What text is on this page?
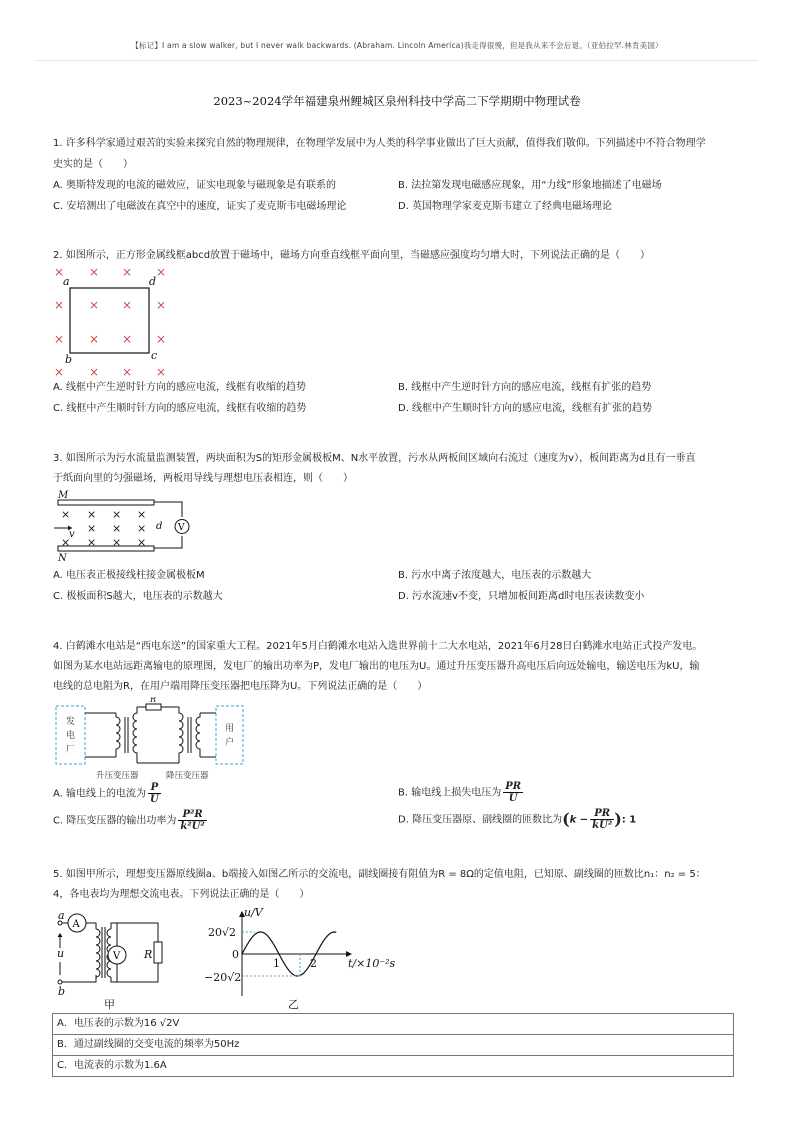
【标记】I am a slow walker, but I never walk backwards. (Abraham. Lincoln America)我走得很慢，但是我从来不会后退。（亚伯拉罕.林肯美国）
2023~2024学年福建泉州鲤城区泉州科技中学高二下学期期中物理试卷
1. 许多科学家通过艰苦的实验来探究自然的物理规律，在物理学发展中为人类的科学事业做出了巨大贡献，值得我们敬仰。下列描述中不符合物理学
史实的是（　　）
A. 奥斯特发现的电流的磁效应，证实电现象与磁现象是有联系的	B. 法拉第发现电磁感应现象，用“力线”形象地描述了电磁场
C. 安培测出了电磁波在真空中的速度，证实了麦克斯韦电磁场理论	D. 英国物理学家麦克斯韦建立了经典电磁场理论
2. 如图所示，正方形金属线框abcd放置于磁场中，磁场方向垂直线框平面向里，当磁感应强度均匀增大时，下列说法正确的是（　　）
× × × ×
× × × ×
× × × ×
× × × ×
a	d
b	c
A. 线框中产生逆时针方向的感应电流，线框有收缩的趋势	B. 线框中产生逆时针方向的感应电流，线框有扩张的趋势
C. 线框中产生顺时针方向的感应电流，线框有收缩的趋势	D. 线框中产生顺时针方向的感应电流，线框有扩张的趋势
3. 如图所示为污水流量监测装置，两块面积为S的矩形金属极板M、N水平放置，污水从两板间区域向右流过（速度为v），板间距离为d且有一垂直
于纸面向里的匀强磁场，两板用导线与理想电压表相连，则（　　）
V
× × × ×
× × ×
× × × ×
M
N
v
d
A. 电压表正极接线柱接金属极板M	B. 污水中离子浓度越大，电压表的示数越大
C. 极板面积S越大，电压表的示数越大	D. 污水流速v不变，只增加板间距离d时电压表读数变小
4. 白鹤滩水电站是“西电东送”的国家重大工程。2021年5月白鹤滩水电站入选世界前十二大水电站，2021年6月28日白鹤滩水电站正式投产发电。
如图为某水电站远距离输电的原理图，发电厂的输出功率为P，发电厂输出的电压为U。通过升压变压器升高电压后向远处输电，输送电压为kU，输
电线的总电阻为R，在用户端用降压变压器把电压降为U。下列说法正确的是（　　）
发
电
厂
用
户
R
升压变压器	降压变压器
A. 输电线上的电流为 $\frac{P}{U}$	B. 输电线上损失电压为 $\frac{PR}{U}$
C. 降压变压器的输出功率为 $\frac{\text{P²R}}{\text{k²U²}}$	D. 降压变压器原、副线圈的匝数比为($k - \frac{PR}{\text{kU²}}$ ): 1
5. 如图甲所示，理想变压器原线圈a、b端接入如图乙所示的交流电，副线圈接有阻值为R = 8Ω的定值电阻，已知原、副线圈的匝数比n₁：n₂ = 5：
4，各电表均为理想交流电表。下列说法正确的是（　　）
A
V
a
b
u	R
甲
u/V
20√2
−20√2
0
1	2	t/×10⁻²s
乙
A．电压表的示数为16 √2V
B．通过副线圈的交变电流的频率为50Hz
C．电流表的示数为1.6A
